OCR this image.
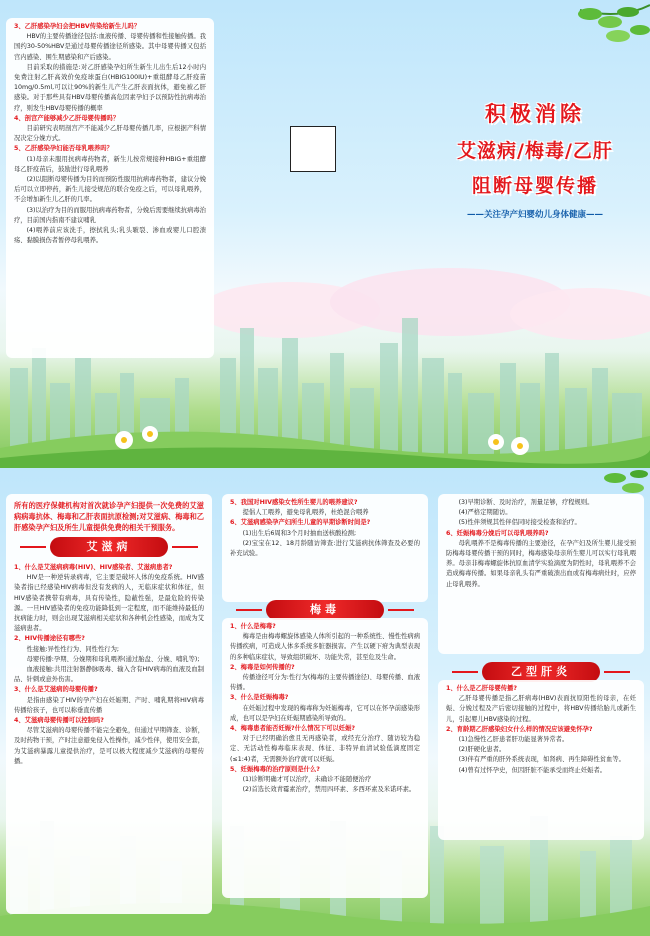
3、乙肝感染孕妇会把HBV传染给新生儿吗？
HBV的主要传播途径包括:血液传播、母婴传播和性接触传播。我国约30-50%HBV是通过母婴传播途径所感染。其中母婴传播又包括宫内感染、围生期感染和产后感染。
目前采取的措施是:对乙肝感染孕妇所生新生儿出生后12小时内免费注射乙肝高效价免疫球蛋白(HBIG100IU)+重组酵母乙肝疫苗10mg/0.5ml,可以让90%的新生儿产生乙肝表面抗体，避免被乙肝感染。对于那些具有HBV母婴传播高危因素孕妇予以预防性抗病毒治疗，则发生HBV母婴传播的概率
4、剖宫产能够减少乙肝母婴传播吗？
目前研究表明剖宫产不能减少乙肝母婴传播几率，应根据产科情况决定分娩方式。
5、乙肝感染孕妇能否母乳喂养吗？
(1)母亲未服用抗病毒药物者，新生儿按常规接种HBIG+重组酵母乙肝疫苗后，鼓励进行母乳喂养
(2)以阻断母婴传播为目的而预防性服用抗病毒药物者，建议分娩后可以立即停药，新生儿接受规范的联合免疫之后，可以母乳喂养，不会增加新生儿乙肝的几率。
(3)以治疗为目的而服用抗病毒药物者，分娩后需要继续抗病毒治疗，目前国内指南不建议哺乳
(4)喂养前应该洗手，擦拭乳头;乳头皲裂、渗血或婴儿口腔溃疡、黏膜损伤者暂停母乳喂养。
积极消除
艾滋病/梅毒/乙肝
阻断母婴传播
——关注孕产妇婴幼儿身体健康——
所有的医疗保健机构对首次就诊孕产妇提供一次免费的艾滋病病毒抗体、梅毒和乙肝表面抗原检测;对艾滋病、梅毒和乙肝感染孕产妇及所生儿童提供免费的相关干预服务。
艾滋病
1、什么是艾滋病病毒(HIV)、HIV感染者、艾滋病患者?
HIV是一种逆转录病毒，它主要是破坏人体的免疫系统。HIV感染者指已经感染HIV病毒但没有发病的人，无临床症状和体征，但HIV感染者携带有病毒，具有传染性，隐蔽性强，是最危险的传染源。一旦HIV感染者的免疫功能降低到一定程度，而不能维持最低的抗病能力时，则会出现艾滋病相关症状和各种机会性感染，而成为艾滋病患者。
2、HIV传播途径有哪些?
性接触:异性性行为、同性性行为;
母婴传播:孕期、分娩期和母乳喂养(通过胎盘、分娩、哺乳等);
血液接触:共用注射器静脉吸毒、输入含有HIV病毒的血液及血制品、针刺或意外伤害。
3、什么是艾滋病的母婴传播?
是指由感染了HIV的孕产妇在妊娠期、产时、哺乳期将HIV病毒传播给孩子，也可以称垂直传播
4、艾滋病母婴传播可以控制吗?
尽管艾滋病的母婴传播不能完全避免，但通过早期筛查、诊断，及时药物干预，产时注意避免侵入性操作，减少性伴，使用安全套，为艾滋病暴露儿童提供治疗，是可以极大程度减少艾滋病的母婴传播。
5、我国对HIV感染女性所生婴儿的喂养建议?
提倡人工喂养，避免母乳喂养，杜绝混合喂养
6、艾滋病感染孕产妇所生儿童的早期诊断时间是?
(1)出生后6周和3个月时抽血送核酸检测;
(2)宝宝在12、18月龄随访筛查:进行艾滋病抗体筛查及必要的补充试验。
梅毒
1、什么是梅毒?
梅毒是由梅毒螺旋体感染人体所引起的一种系统性、慢性性病病传播疾病，可造成人体多系统多脏器损害。产生以硬下疳为典型表现的多种临床症状，导致组织破坏、功能失常，甚至危及生命。
2、梅毒是如何传播的?
传播途径可分为:性行为(梅毒的主要传播途径)、母婴传播、血液传播。
3、什么是妊娠梅毒?
在妊娠过程中发现的梅毒称为妊娠梅毒，它可以在怀孕前感染形成，也可以是孕妇在妊娠期感染所导致的。
4、梅毒患者能否妊娠?什么情况下可以妊娠?
对于已经明确治愈且无再感染者，或经充分治疗、随访较为稳定、无活动性梅毒临床表现、体征、非特异血清试验低滴度固定(≤1:4)者，无需额外治疗就可以妊娠。
5、妊娠梅毒的治疗原则是什么?
(1)诊断明确才可以治疗，未确诊不能随便治疗
(2)首选长效青霉素治疗，禁用四环素、多西环素及米诺环素。
(3)早期诊断、及时治疗，剂量足够，疗程规则。
(4)严格定期随访。
(5)性伴须规其性伴侣同时接受检查和治疗。
6、妊娠梅毒分娩后可以母乳喂养吗?
母乳喂养不是梅毒传播的主要途径，在孕产妇及所生婴儿接受预防梅毒母婴传播干预的同时，梅毒感染母亲所生婴儿可以实行母乳喂养。母亲非梅毒螺旋体抗原血清学实验滴度为阴性时，母乳喂养不会造成梅毒传播。如果母亲乳头有严重破溃出血或有梅毒病灶时，应停止母乳喂养。
乙型肝炎
1、什么是乙肝母婴传播?
乙肝母婴传播是指乙肝病毒(HBV)表面抗原阳性的母亲，在妊娠、分娩过程及产后密切接触的过程中，将HBV传播给胎儿或新生儿，引起婴儿HBV感染的过程。
2、育龄期乙肝感染妇女什么样的情况应该避免怀孕?
(1)急慢性乙肝患者肝功能显著异常者。
(2)肝硬化患者。
(3)伴有严重的肝外系统表现，如肾病、再生障碍性贫血等。
(4)曾有过怀孕史，但因肝脏不能承受而终止妊娠者。
